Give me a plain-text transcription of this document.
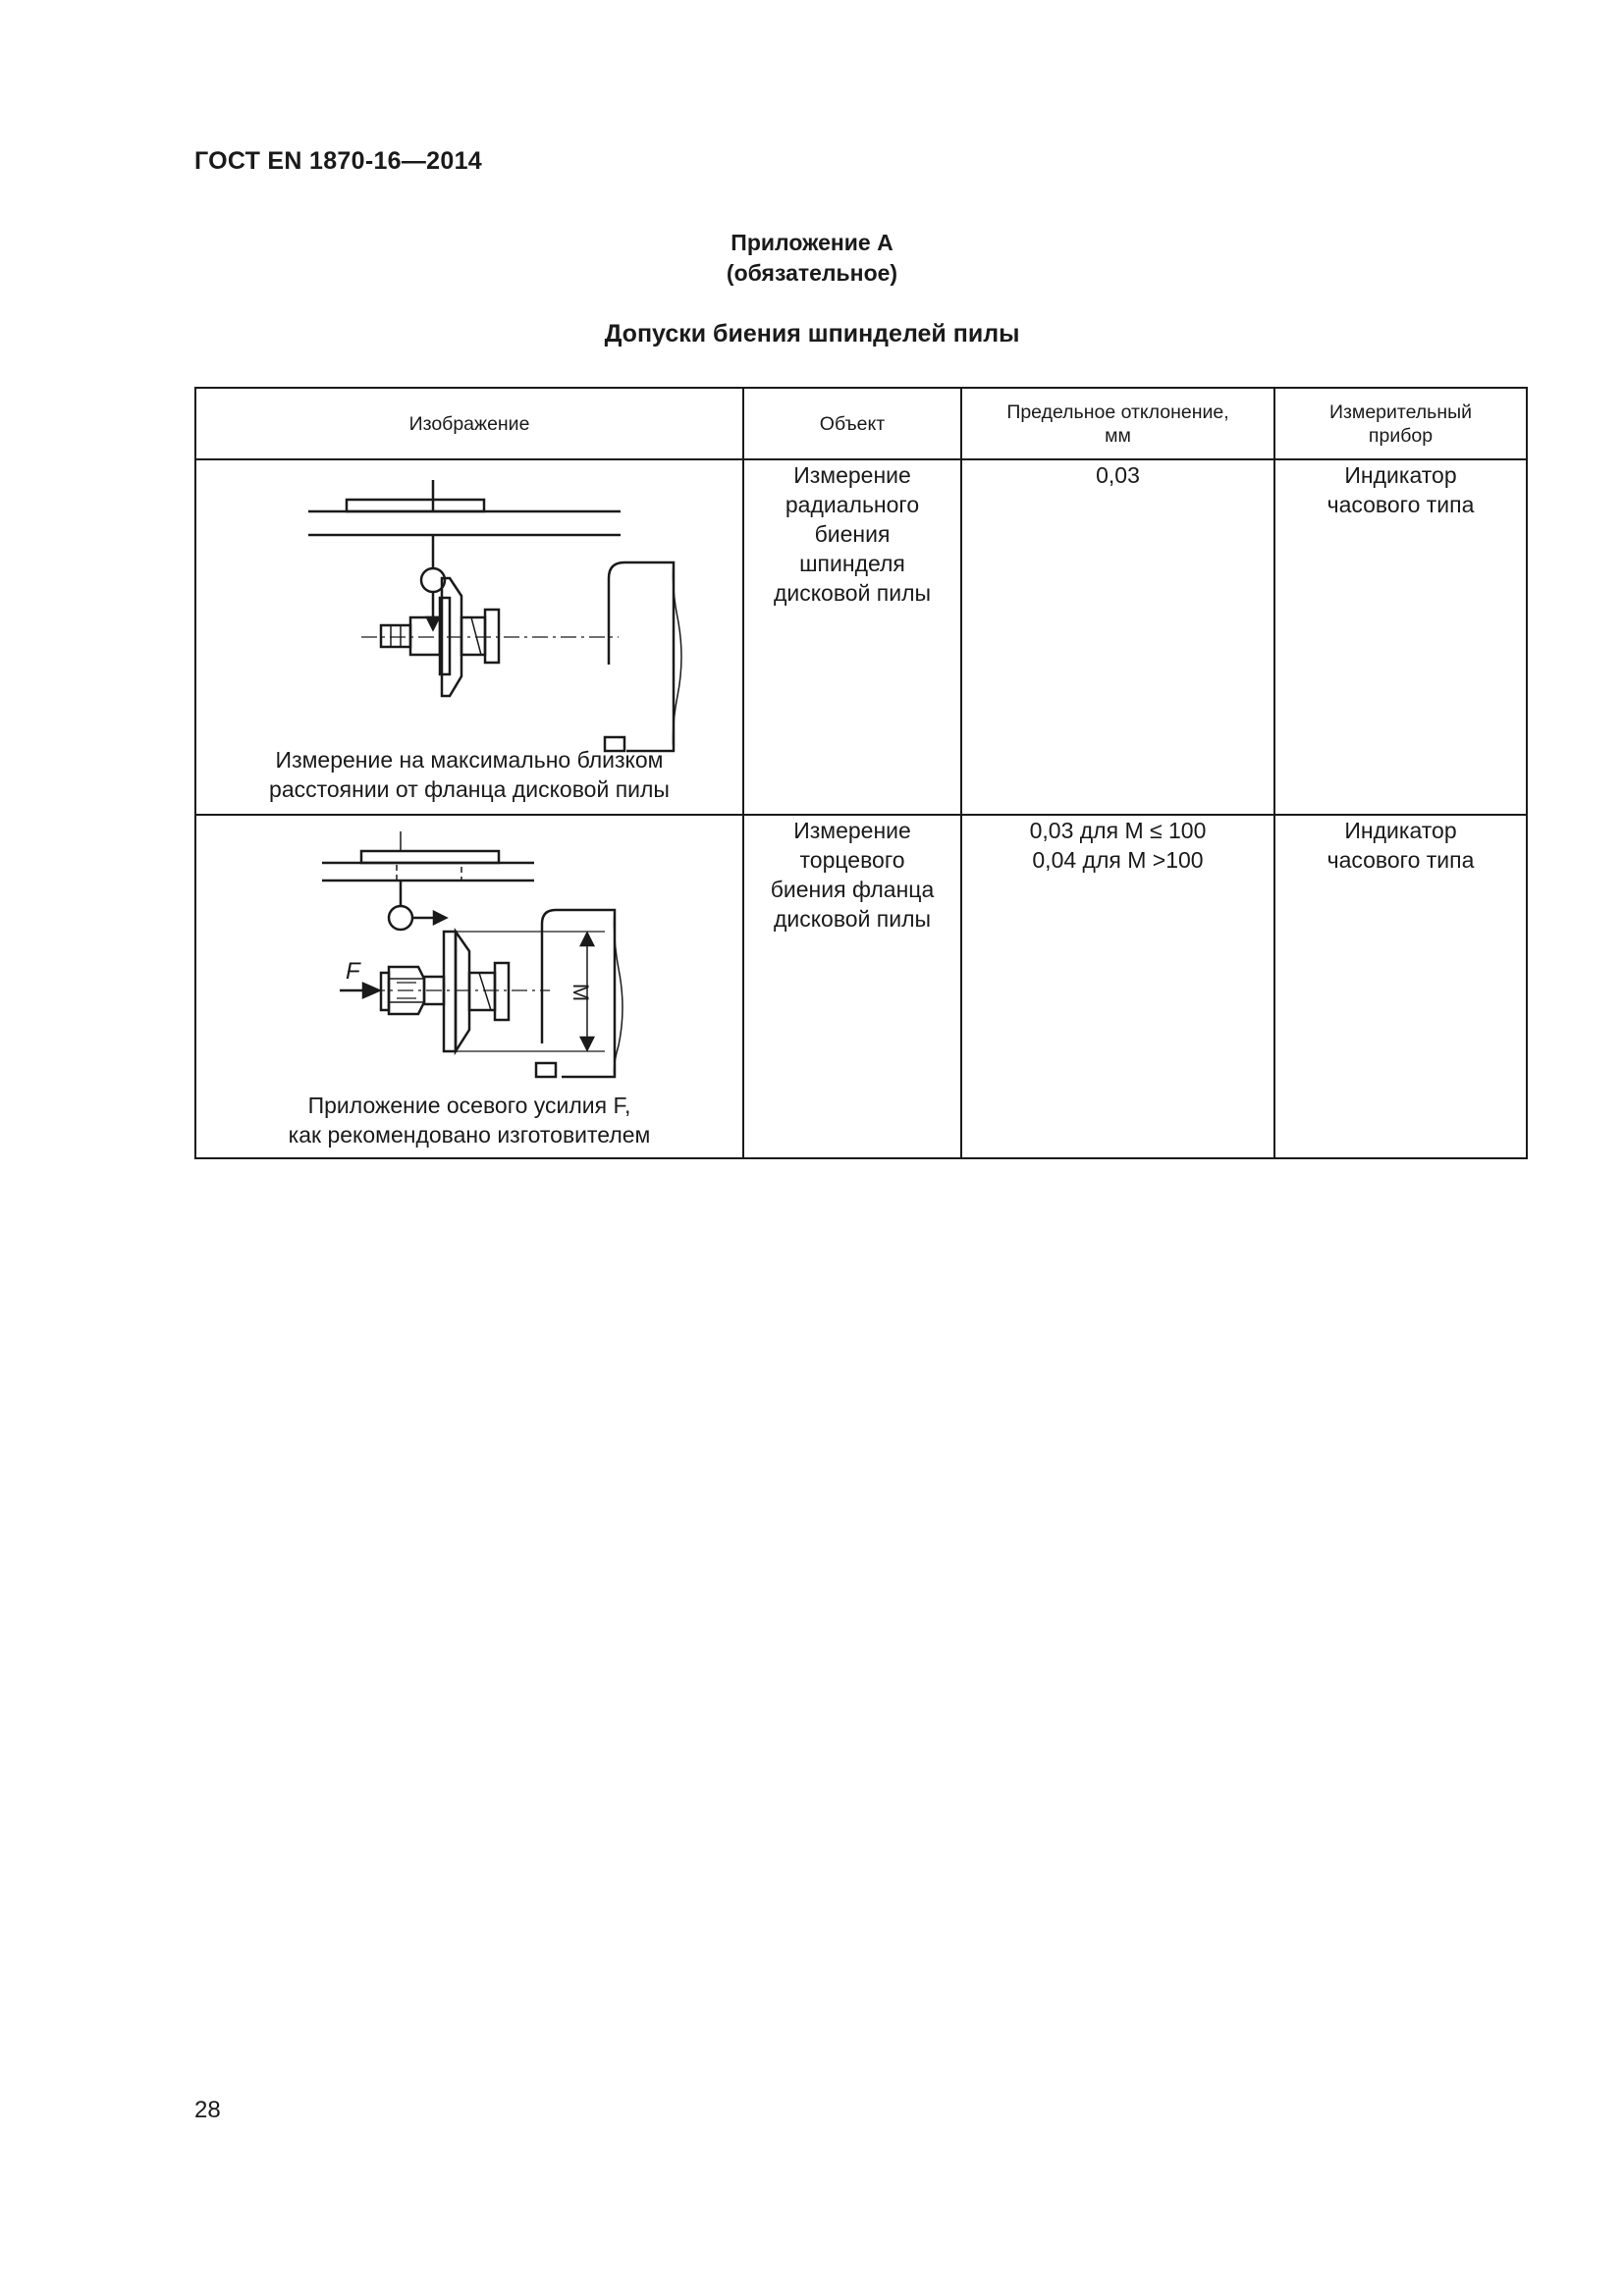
ГОСТ EN 1870-16—2014
Приложение А
(обязательное)
Допуски биения шпинделей пилы
Изображение	Объект	Предельное отклонение,
мм	Измерительный
прибор

Измерение на максимально близком
расстоянии от фланца дисковой пилы	Измерение
радиального
биения
шпинделя
дисковой пилы	0,03	Индикатор
часового типа

F
M
Приложение осевого усилия F,
как рекомендовано изготовителем	Измерение
торцевого
биения фланца
дисковой пилы	0,03 для М ≤ 100
0,04 для М >100	Индикатор
часового типа
28
